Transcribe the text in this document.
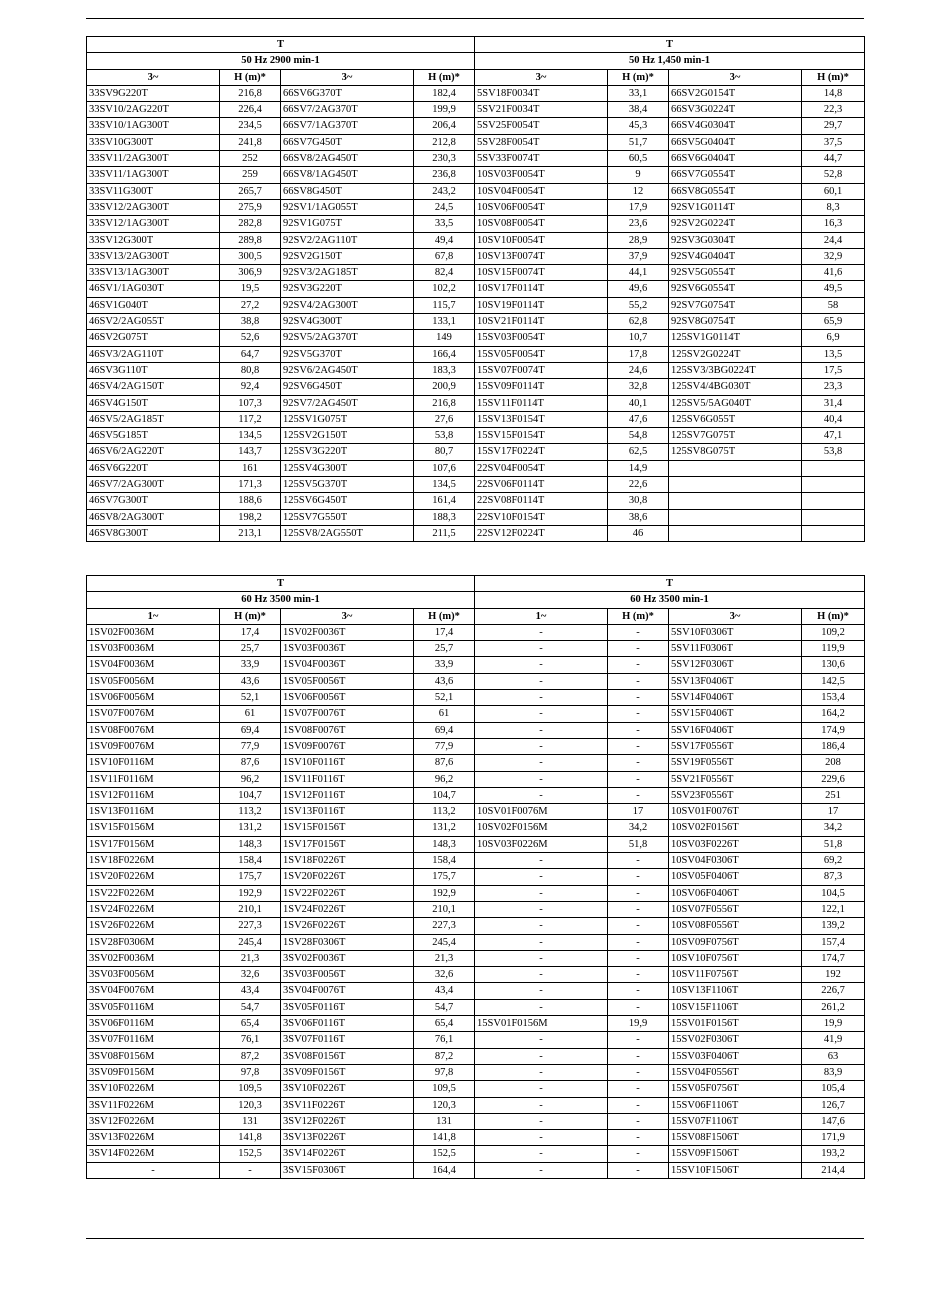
T				T			
50 Hz 2900 min-1				50 Hz 1,450 min-1			
3~	H (m)*	3~	H (m)*	3~	H (m)*	3~	H (m)*
33SV9G220T	216,8	66SV6G370T	182,4	5SV18F0034T	33,1	66SV2G0154T	14,8
33SV10/2AG220T	226,4	66SV7/2AG370T	199,9	5SV21F0034T	38,4	66SV3G0224T	22,3
33SV10/1AG300T	234,5	66SV7/1AG370T	206,4	5SV25F0054T	45,3	66SV4G0304T	29,7
33SV10G300T	241,8	66SV7G450T	212,8	5SV28F0054T	51,7	66SV5G0404T	37,5
33SV11/2AG300T	252	66SV8/2AG450T	230,3	5SV33F0074T	60,5	66SV6G0404T	44,7
33SV11/1AG300T	259	66SV8/1AG450T	236,8	10SV03F0054T	9	66SV7G0554T	52,8
33SV11G300T	265,7	66SV8G450T	243,2	10SV04F0054T	12	66SV8G0554T	60,1
33SV12/2AG300T	275,9	92SV1/1AG055T	24,5	10SV06F0054T	17,9	92SV1G0114T	8,3
33SV12/1AG300T	282,8	92SV1G075T	33,5	10SV08F0054T	23,6	92SV2G0224T	16,3
33SV12G300T	289,8	92SV2/2AG110T	49,4	10SV10F0054T	28,9	92SV3G0304T	24,4
33SV13/2AG300T	300,5	92SV2G150T	67,8	10SV13F0074T	37,9	92SV4G0404T	32,9
33SV13/1AG300T	306,9	92SV3/2AG185T	82,4	10SV15F0074T	44,1	92SV5G0554T	41,6
46SV1/1AG030T	19,5	92SV3G220T	102,2	10SV17F0114T	49,6	92SV6G0554T	49,5
46SV1G040T	27,2	92SV4/2AG300T	115,7	10SV19F0114T	55,2	92SV7G0754T	58
46SV2/2AG055T	38,8	92SV4G300T	133,1	10SV21F0114T	62,8	92SV8G0754T	65,9
46SV2G075T	52,6	92SV5/2AG370T	149	15SV03F0054T	10,7	125SV1G0114T	6,9
46SV3/2AG110T	64,7	92SV5G370T	166,4	15SV05F0054T	17,8	125SV2G0224T	13,5
46SV3G110T	80,8	92SV6/2AG450T	183,3	15SV07F0074T	24,6	125SV3/3BG0224T	17,5
46SV4/2AG150T	92,4	92SV6G450T	200,9	15SV09F0114T	32,8	125SV4/4BG030T	23,3
46SV4G150T	107,3	92SV7/2AG450T	216,8	15SV11F0114T	40,1	125SV5/5AG040T	31,4
46SV5/2AG185T	117,2	125SV1G075T	27,6	15SV13F0154T	47,6	125SV6G055T	40,4
46SV5G185T	134,5	125SV2G150T	53,8	15SV15F0154T	54,8	125SV7G075T	47,1
46SV6/2AG220T	143,7	125SV3G220T	80,7	15SV17F0224T	62,5	125SV8G075T	53,8
46SV6G220T	161	125SV4G300T	107,6	22SV04F0054T	14,9		
46SV7/2AG300T	171,3	125SV5G370T	134,5	22SV06F0114T	22,6		
46SV7G300T	188,6	125SV6G450T	161,4	22SV08F0114T	30,8		
46SV8/2AG300T	198,2	125SV7G550T	188,3	22SV10F0154T	38,6		
46SV8G300T	213,1	125SV8/2AG550T	211,5	22SV12F0224T	46		
T				T			
60 Hz 3500 min-1				60 Hz 3500 min-1			
1~	H (m)*	3~	H (m)*	1~	H (m)*	3~	H (m)*
1SV02F0036M	17,4	1SV02F0036T	17,4	-	-	5SV10F0306T	109,2
1SV03F0036M	25,7	1SV03F0036T	25,7	-	-	5SV11F0306T	119,9
1SV04F0036M	33,9	1SV04F0036T	33,9	-	-	5SV12F0306T	130,6
1SV05F0056M	43,6	1SV05F0056T	43,6	-	-	5SV13F0406T	142,5
1SV06F0056M	52,1	1SV06F0056T	52,1	-	-	5SV14F0406T	153,4
1SV07F0076M	61	1SV07F0076T	61	-	-	5SV15F0406T	164,2
1SV08F0076M	69,4	1SV08F0076T	69,4	-	-	5SV16F0406T	174,9
1SV09F0076M	77,9	1SV09F0076T	77,9	-	-	5SV17F0556T	186,4
1SV10F0116M	87,6	1SV10F0116T	87,6	-	-	5SV19F0556T	208
1SV11F0116M	96,2	1SV11F0116T	96,2	-	-	5SV21F0556T	229,6
1SV12F0116M	104,7	1SV12F0116T	104,7	-	-	5SV23F0556T	251
1SV13F0116M	113,2	1SV13F0116T	113,2	10SV01F0076M	17	10SV01F0076T	17
1SV15F0156M	131,2	1SV15F0156T	131,2	10SV02F0156M	34,2	10SV02F0156T	34,2
1SV17F0156M	148,3	1SV17F0156T	148,3	10SV03F0226M	51,8	10SV03F0226T	51,8
1SV18F0226M	158,4	1SV18F0226T	158,4	-	-	10SV04F0306T	69,2
1SV20F0226M	175,7	1SV20F0226T	175,7	-	-	10SV05F0406T	87,3
1SV22F0226M	192,9	1SV22F0226T	192,9	-	-	10SV06F0406T	104,5
1SV24F0226M	210,1	1SV24F0226T	210,1	-	-	10SV07F0556T	122,1
1SV26F0226M	227,3	1SV26F0226T	227,3	-	-	10SV08F0556T	139,2
1SV28F0306M	245,4	1SV28F0306T	245,4	-	-	10SV09F0756T	157,4
3SV02F0036M	21,3	3SV02F0036T	21,3	-	-	10SV10F0756T	174,7
3SV03F0056M	32,6	3SV03F0056T	32,6	-	-	10SV11F0756T	192
3SV04F0076M	43,4	3SV04F0076T	43,4	-	-	10SV13F1106T	226,7
3SV05F0116M	54,7	3SV05F0116T	54,7	-	-	10SV15F1106T	261,2
3SV06F0116M	65,4	3SV06F0116T	65,4	15SV01F0156M	19,9	15SV01F0156T	19,9
3SV07F0116M	76,1	3SV07F0116T	76,1	-	-	15SV02F0306T	41,9
3SV08F0156M	87,2	3SV08F0156T	87,2	-	-	15SV03F0406T	63
3SV09F0156M	97,8	3SV09F0156T	97,8	-	-	15SV04F0556T	83,9
3SV10F0226M	109,5	3SV10F0226T	109,5	-	-	15SV05F0756T	105,4
3SV11F0226M	120,3	3SV11F0226T	120,3	-	-	15SV06F1106T	126,7
3SV12F0226M	131	3SV12F0226T	131	-	-	15SV07F1106T	147,6
3SV13F0226M	141,8	3SV13F0226T	141,8	-	-	15SV08F1506T	171,9
3SV14F0226M	152,5	3SV14F0226T	152,5	-	-	15SV09F1506T	193,2
-	-	3SV15F0306T	164,4	-	-	15SV10F1506T	214,4
